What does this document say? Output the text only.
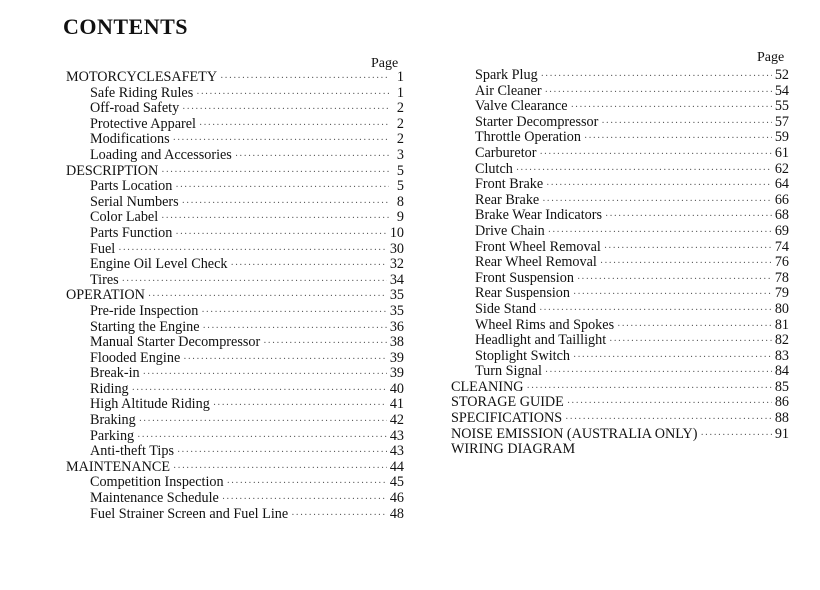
CONTENTS
Page	Page
MOTORCYCLESAFETY ·····	1
Safe Riding Rules ·····	1
Off-road Safety ·····	2
Protective Apparel ·····	2
Modifications ·····	2
Loading and Accessories ·····	3
DESCRIPTION ·····	5
Parts Location ·····	5
Serial Numbers ·····	8
Color Label ·····	9
Parts Function ·····	10
Fuel ·····	30
Engine Oil Level Check ·····	32
Tires ·····	34
OPERATION ·····	35
Pre-ride Inspection ·····	35
Starting the Engine ·····	36
Manual Starter Decompressor ·····	38
Flooded Engine ·····	39
Break-in ·····	39
Riding ·····	40
High Altitude Riding ·····	41
Braking ·····	42
Parking ·····	43
Anti-theft Tips ·····	43
MAINTENANCE ·····	44
Competition Inspection ·····	45
Maintenance Schedule ·····	46
Fuel Strainer Screen and Fuel Line ·····	48
Spark Plug ·····	52
Air Cleaner ·····	54
Valve Clearance ·····	55
Starter Decompressor ·····	57
Throttle Operation ·····	59
Carburetor ·····	61
Clutch ·····	62
Front Brake ·····	64
Rear Brake ·····	66
Brake Wear Indicators ·····	68
Drive Chain ·····	69
Front Wheel Removal ·····	74
Rear Wheel Removal ·····	76
Front Suspension ·····	78
Rear Suspension ·····	79
Side Stand ·····	80
Wheel Rims and Spokes ·····	81
Headlight and Taillight ·····	82
Stoplight Switch ·····	83
Turn Signal ·····	84
CLEANING ·····	85
STORAGE GUIDE ·····	86
SPECIFICATIONS ·····	88
NOISE EMISSION (AUSTRALIA ONLY) ·····	91
WIRING DIAGRAM
